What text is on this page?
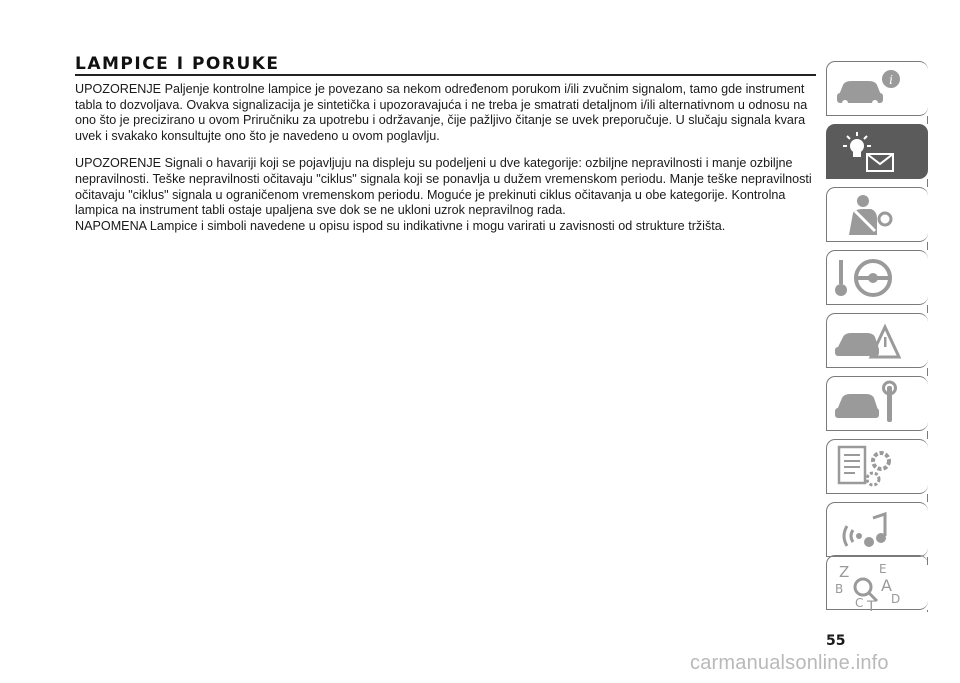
LAMPICE I PORUKE

UPOZORENJE Paljenje kontrolne lampice je povezano sa nekom određenom porukom i/ili zvučnim signalom, tamo gde instrument tabla to dozvoljava. Ovakva signalizacija je sintetička i upozoravajuća i ne treba je smatrati detaljnom i/ili alternativnom u odnosu na ono što je precizirano u ovom Priručniku za upotrebu i održavanje, čije pažljivo čitanje se uvek preporučuje. U slučaju signala kvara uvek i svakako konsultujte ono što je navedeno u ovom poglavlju.

UPOZORENJE Signali o havariji koji se pojavljuju na displeju su podeljeni u dve kategorije: ozbiljne nepravilnosti i manje ozbiljne nepravilnosti. Teške nepravilnosti očitavaju "ciklus" signala koji se ponavlja u dužem vremenskom periodu. Manje teške nepravilnosti očitavaju "ciklus" signala u ograničenom vremenskom periodu. Moguće je prekinuti ciklus očitavanja u obe kategorije. Kontrolna lampica na instrument tabli ostaje upaljena sve dok se ne ukloni uzrok nepravilnog rada.

NAPOMENA Lampice i simboli navedene u opisu ispod su indikativne i mogu varirati u zavisnosti od strukture tržišta.

i
Z E
B A
C T D
55
carmanualsonline.info
